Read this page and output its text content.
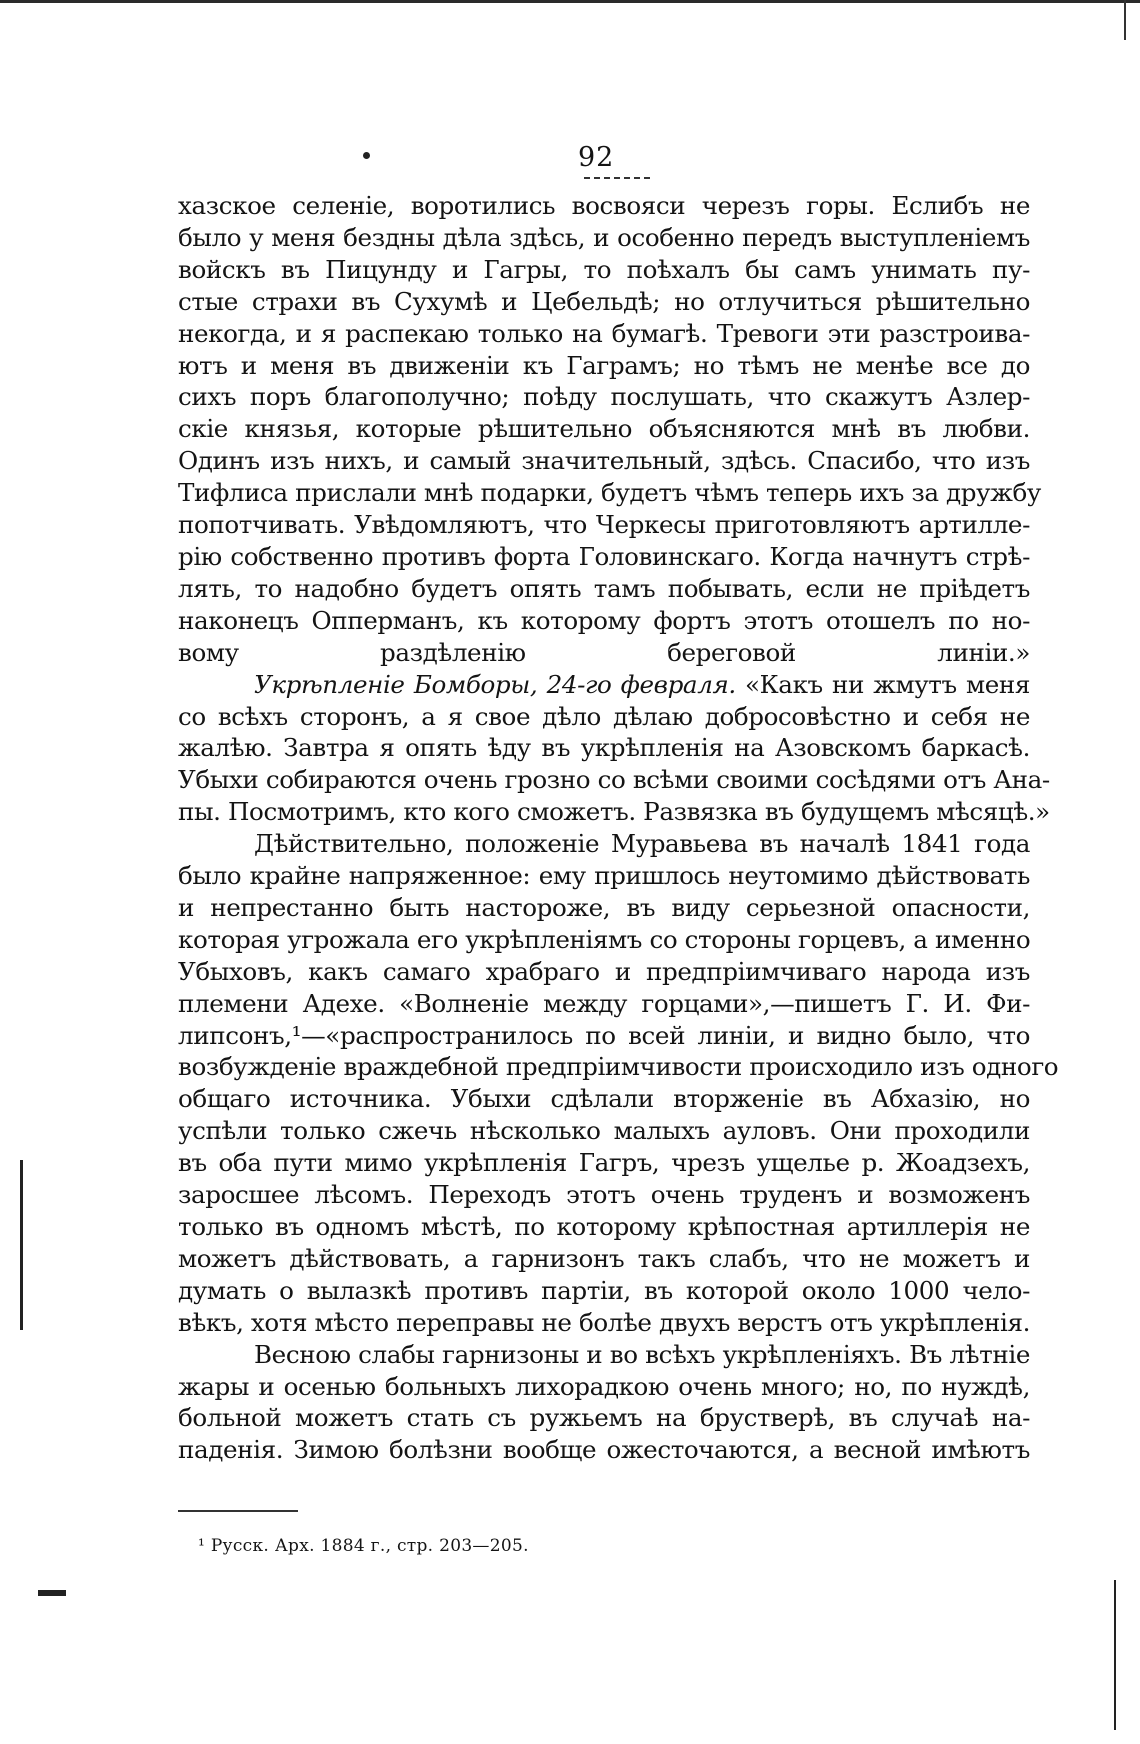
92
хазское селеніе, воротились восвояси черезъ горы. Еслибъ не
было у меня бездны дѣла здѣсь, и особенно передъ выступленіемъ
войскъ въ Пицунду и Гагры, то поѣхалъ бы самъ унимать пу-
стые страхи въ Сухумѣ и Цебельдѣ; но отлучиться рѣшительно
некогда, и я распекаю только на бумагѣ. Тревоги эти разстроива-
ютъ и меня въ движеніи къ Гаграмъ; но тѣмъ не менѣе все до
сихъ поръ благополучно; поѣду послушать, что скажутъ Азлер-
скіе князья, которые рѣшительно объясняются мнѣ въ любви.
Одинъ изъ нихъ, и самый значительный, здѣсь. Спасибо, что изъ
Тифлиса прислали мнѣ подарки, будетъ чѣмъ теперь ихъ за дружбу
попотчивать. Увѣдомляютъ, что Черкесы приготовляютъ артилле-
рію собственно противъ форта Головинскаго. Когда начнутъ стрѣ-
лять, то надобно будетъ опять тамъ побывать, если не пріѣдетъ
наконецъ Опперманъ, къ которому фортъ этотъ отошелъ по но-
вому раздѣленію береговой линіи.»
Укрѣпленіе Бомборы, 24-го февраля. «Какъ ни жмутъ меня
со всѣхъ сторонъ, а я свое дѣло дѣлаю добросовѣстно и себя не
жалѣю. Завтра я опять ѣду въ укрѣпленія на Азовскомъ баркасѣ.
Убыхи собираются очень грозно со всѣми своими сосѣдями отъ Ана-
пы. Посмотримъ, кто кого сможетъ. Развязка въ будущемъ мѣсяцѣ.»
Дѣйствительно, положеніе Муравьева въ началѣ 1841 года
было крайне напряженное: ему пришлось неутомимо дѣйствовать
и непрестанно быть настороже, въ виду серьезной опасности,
которая угрожала его укрѣпленіямъ со стороны горцевъ, а именно
Убыховъ, какъ самаго храбраго и предпріимчиваго народа изъ
племени Адехе. «Волненіе между горцами»,—пишетъ Г. И. Фи-
липсонъ,¹—«распространилось по всей линіи, и видно было, что
возбужденіе враждебной предпріимчивости происходило изъ одного
общаго источника. Убыхи сдѣлали вторженіе въ Абхазію, но
успѣли только сжечь нѣсколько малыхъ ауловъ. Они проходили
въ оба пути мимо укрѣпленія Гагръ, чрезъ ущелье р. Жоадзехъ,
заросшее лѣсомъ. Переходъ этотъ очень труденъ и возможенъ
только въ одномъ мѣстѣ, по которому крѣпостная артиллерія не
можетъ дѣйствовать, а гарнизонъ такъ слабъ, что не можетъ и
думать о вылазкѣ противъ партіи, въ которой около 1000 чело-
вѣкъ, хотя мѣсто переправы не болѣе двухъ верстъ отъ укрѣпленія.
Весною слабы гарнизоны и во всѣхъ укрѣпленіяхъ. Въ лѣтніе
жары и осенью больныхъ лихорадкою очень много; но, по нуждѣ,
больной можетъ стать съ ружьемъ на брустверѣ, въ случаѣ на-
паденія. Зимою болѣзни вообще ожесточаются, а весной имѣютъ
¹ Русск. Арх. 1884 г., стр. 203—205.
